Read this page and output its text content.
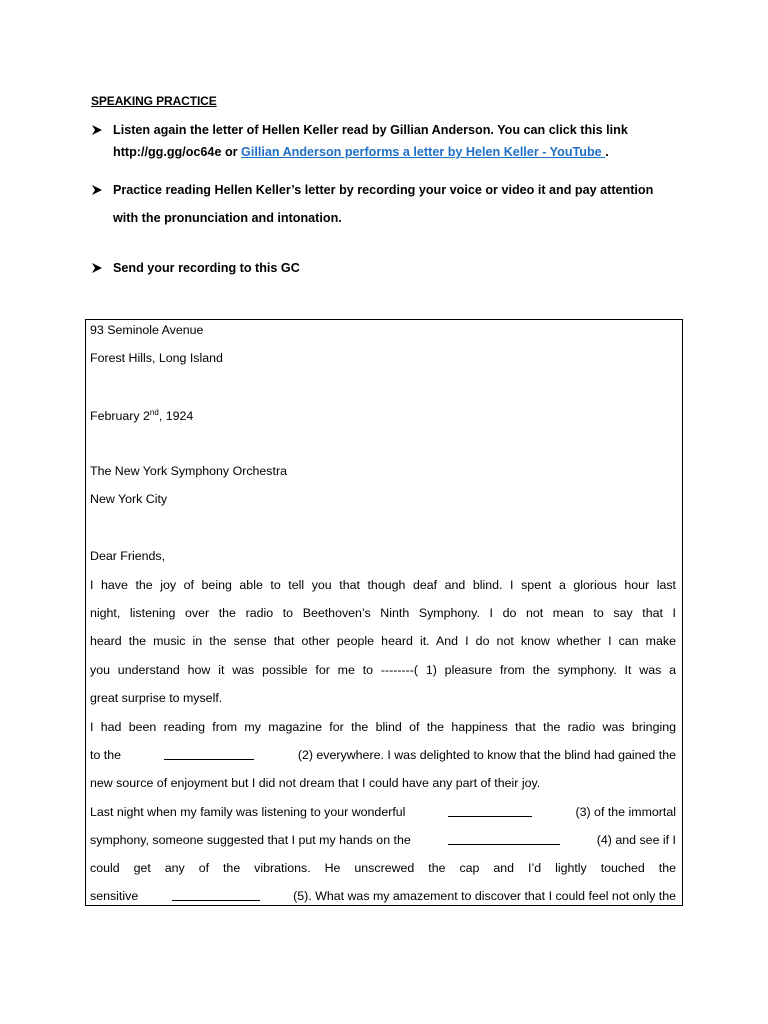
SPEAKING PRACTICE
Listen again the letter of Hellen Keller read by Gillian Anderson. You can click this link
http://gg.gg/oc64e or Gillian Anderson performs a letter by Helen Keller - YouTube .
Practice reading Hellen Keller’s letter by recording your voice or video it and pay attention
with the pronunciation and intonation.
Send your recording to this GC
93 Seminole Avenue
Forest Hills, Long Island
February 2nd, 1924
The New York Symphony Orchestra
New York City
Dear Friends,
I have the joy of being able to tell you that though deaf and blind. I spent a glorious hour last
night, listening over the radio to Beethoven’s Ninth Symphony. I do not mean to say that I
heard the music in the sense that other people heard it. And I do not know whether I can make
you understand how it was possible for me to --------( 1) pleasure from the symphony. It was a
great surprise to myself.
I had been reading from my magazine for the blind of the happiness that the radio was bringing
to the	(2) everywhere. I was delighted to know that the blind had gained the
new source of enjoyment but I did not dream that I could have any part of their joy.
Last night when my family was listening to your wonderful	(3) of the immortal
symphony, someone suggested that I put my hands on the	(4) and see if I
could get any of the vibrations. He unscrewed the cap and I’d lightly touched the
sensitive	(5). What was my amazement to discover that I could feel not only the
